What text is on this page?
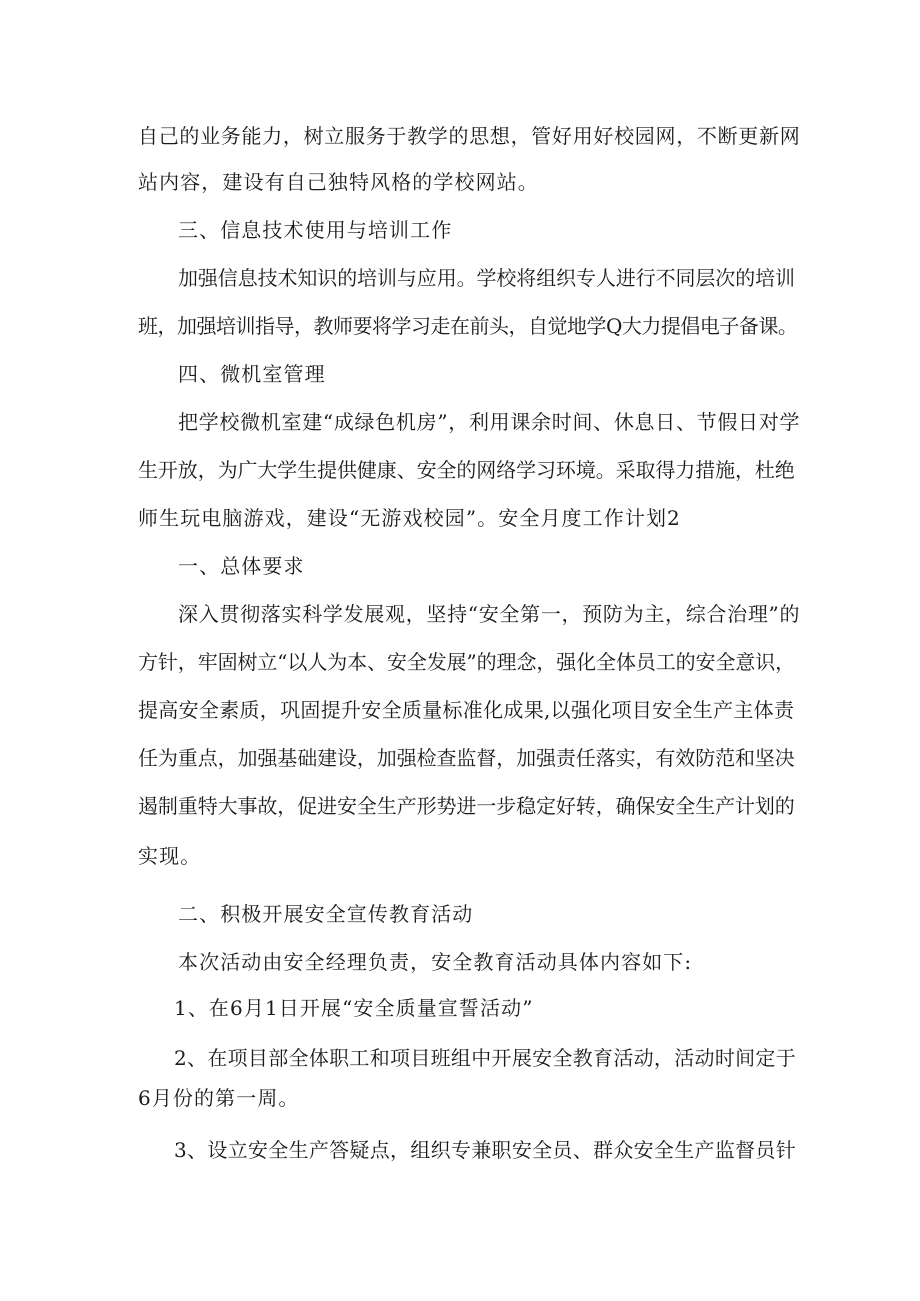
自己的业务能力，树立服务于教学的思想，管好用好校园网，不断更新网
站内容，建设有自己独特风格的学校网站。
三、信息技术使用与培训工作
加强信息技术知识的培训与应用。学校将组织专人进行不同层次的培训
班，加强培训指导，教师要将学习走在前头，自觉地学Q大力提倡电子备课。
四、微机室管理
把学校微机室建“成绿色机房”，利用课余时间、休息日、节假日对学
生开放，为广大学生提供健康、安全的网络学习环境。采取得力措施，杜绝
师生玩电脑游戏，建设“无游戏校园”。安全月度工作计划2
一、总体要求
深入贯彻落实科学发展观，坚持“安全第一，预防为主，综合治理”的
方针，牢固树立“以人为本、安全发展”的理念，强化全体员工的安全意识，
提高安全素质，巩固提升安全质量标准化成果,以强化项目安全生产主体责
任为重点，加强基础建设，加强检查监督，加强责任落实，有效防范和坚决
遏制重特大事故，促进安全生产形势进一步稳定好转，确保安全生产计划的
实现。
二、积极开展安全宣传教育活动
本次活动由安全经理负责，安全教育活动具体内容如下:
1、在6月1日开展“安全质量宣誓活动”
2、在项目部全体职工和项目班组中开展安全教育活动，活动时间定于
6月份的第一周。
3、设立安全生产答疑点，组织专兼职安全员、群众安全生产监督员针
